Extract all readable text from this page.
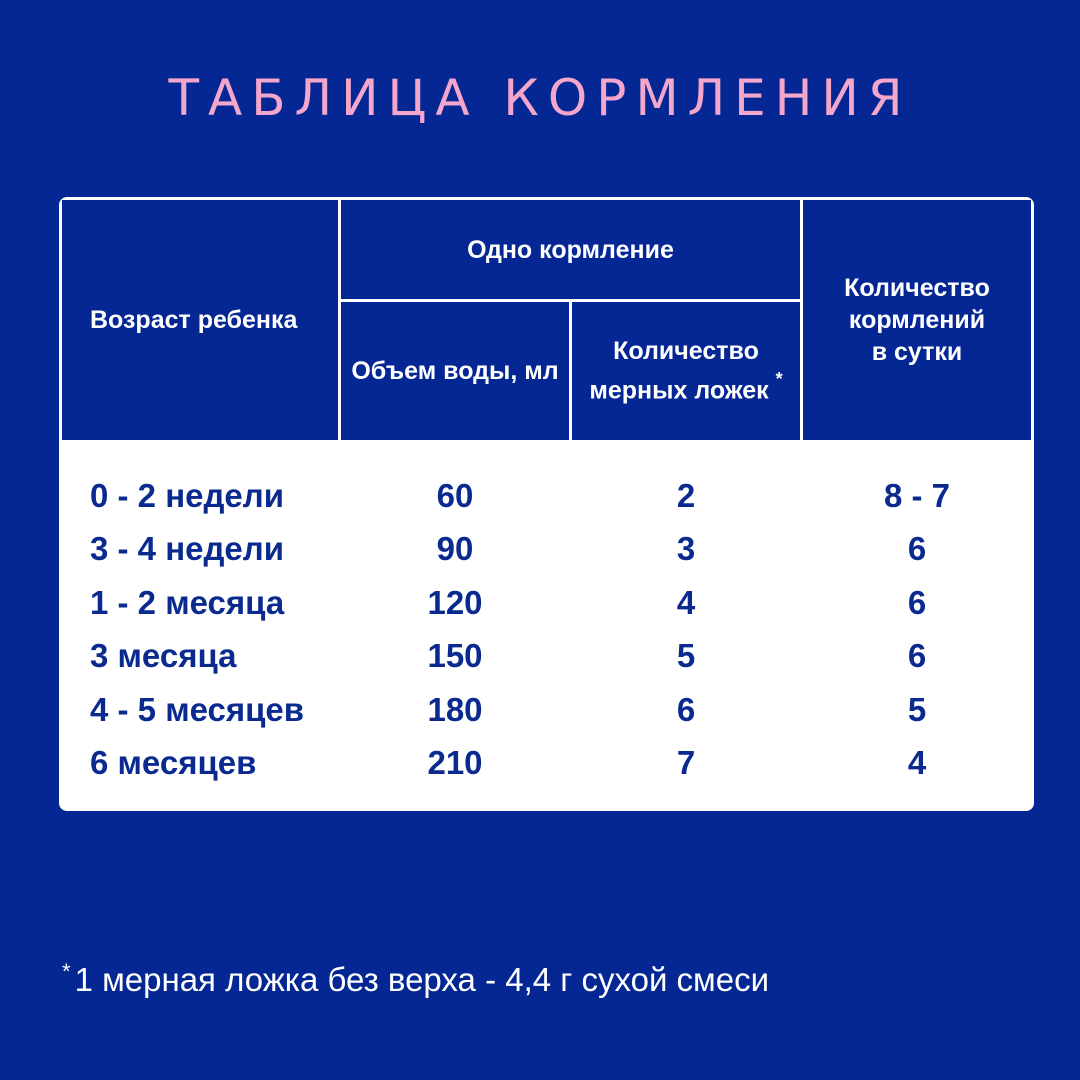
ТАБЛИЦА КОРМЛЕНИЯ
Возраст ребенка
Одно кормление
Объем воды, мл
Количество
мерных ложек *
Количество
кормлений
в сутки
0 - 2 недели	60	2	8 - 7
3 - 4 недели	90	3	6
1 - 2 месяца	120	4	6
3 месяца	150	5	6
4 - 5 месяцев	180	6	5
6 месяцев	210	7	4
* 1 мерная ложка без верха - 4,4 г сухой смеси
